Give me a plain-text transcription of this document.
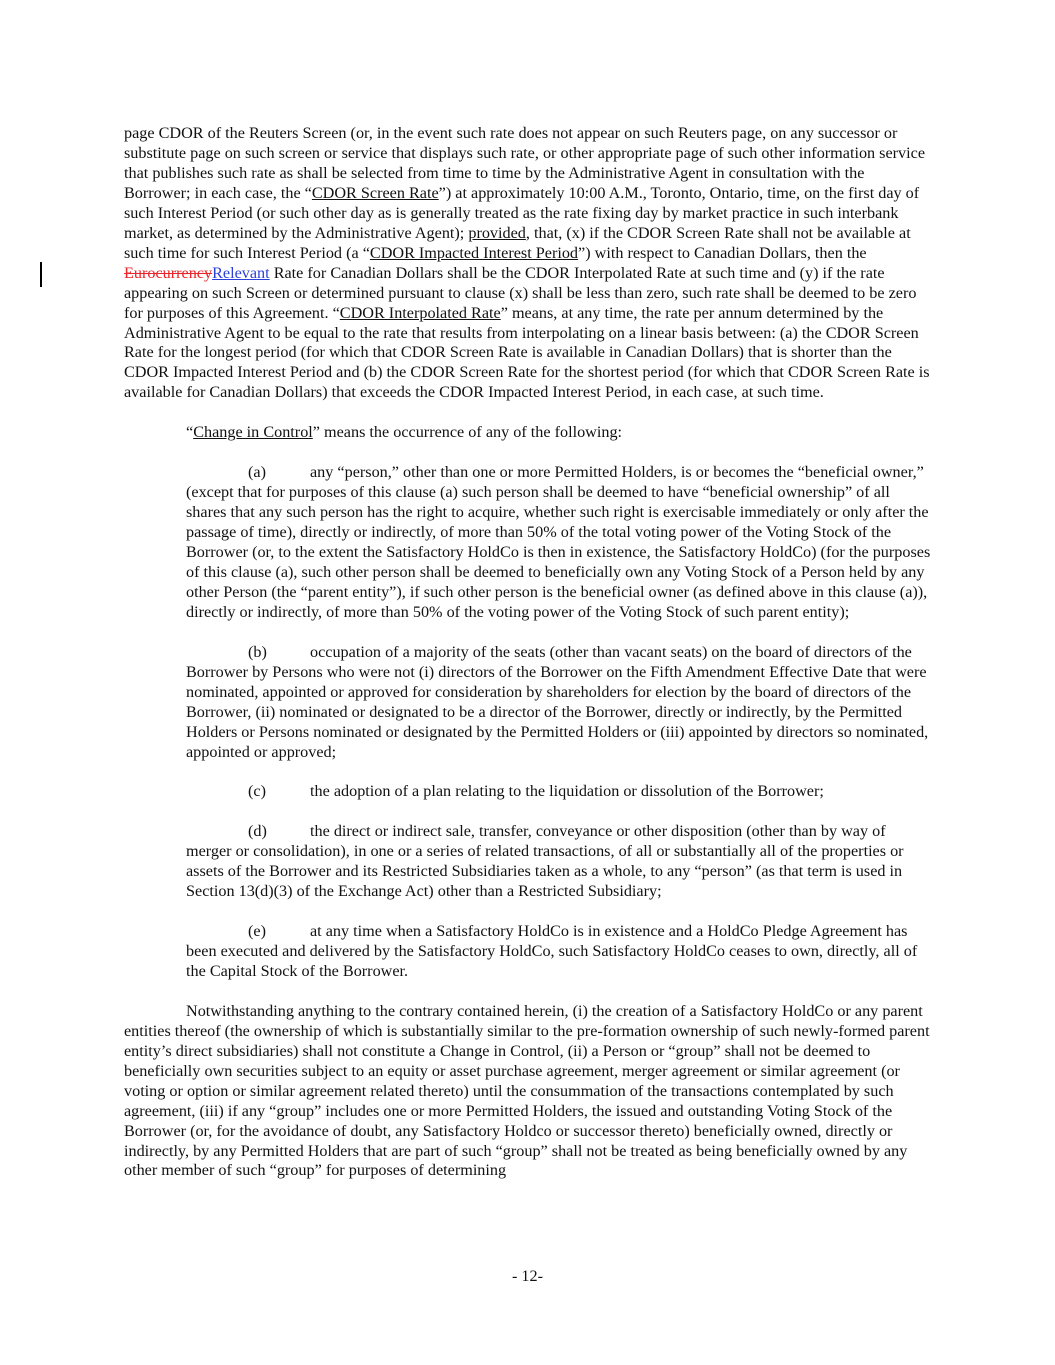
page CDOR of the Reuters Screen (or, in the event such rate does not appear on such Reuters page, on any successor or substitute page on such screen or service that displays such rate, or other appropriate page of such other information service that publishes such rate as shall be selected from time to time by the Administrative Agent in consultation with the Borrower; in each case, the “CDOR Screen Rate”) at approximately 10:00 A.M., Toronto, Ontario, time, on the first day of such Interest Period (or such other day as is generally treated as the rate fixing day by market practice in such interbank market, as determined by the Administrative Agent); provided, that, (x) if the CDOR Screen Rate shall not be available at such time for such Interest Period (a “CDOR Impacted Interest Period”) with respect to Canadian Dollars, then the EurocurrencyRelevant Rate for Canadian Dollars shall be the CDOR Interpolated Rate at such time and (y) if the rate appearing on such Screen or determined pursuant to clause (x) shall be less than zero, such rate shall be deemed to be zero for purposes of this Agreement. “CDOR Interpolated Rate” means, at any time, the rate per annum determined by the Administrative Agent to be equal to the rate that results from interpolating on a linear basis between: (a) the CDOR Screen Rate for the longest period (for which that CDOR Screen Rate is available in Canadian Dollars) that is shorter than the CDOR Impacted Interest Period and (b) the CDOR Screen Rate for the shortest period (for which that CDOR Screen Rate is available for Canadian Dollars) that exceeds the CDOR Impacted Interest Period, in each case, at such time.

“Change in Control” means the occurrence of any of the following:

(a)	any “person,” other than one or more Permitted Holders, is or becomes the “beneficial owner,” (except that for purposes of this clause (a) such person shall be deemed to have “beneficial ownership” of all shares that any such person has the right to acquire, whether such right is exercisable immediately or only after the passage of time), directly or indirectly, of more than 50% of the total voting power of the Voting Stock of the Borrower (or, to the extent the Satisfactory HoldCo is then in existence, the Satisfactory HoldCo) (for the purposes of this clause (a), such other person shall be deemed to beneficially own any Voting Stock of a Person held by any other Person (the “parent entity”), if such other person is the beneficial owner (as defined above in this clause (a)), directly or indirectly, of more than 50% of the voting power of the Voting Stock of such parent entity);

(b)	occupation of a majority of the seats (other than vacant seats) on the board of directors of the Borrower by Persons who were not (i) directors of the Borrower on the Fifth Amendment Effective Date that were nominated, appointed or approved for consideration by shareholders for election by the board of directors of the Borrower, (ii) nominated or designated to be a director of the Borrower, directly or indirectly, by the Permitted Holders or Persons nominated or designated by the Permitted Holders or (iii) appointed by directors so nominated, appointed or approved;

(c)	the adoption of a plan relating to the liquidation or dissolution of the Borrower;

(d)	the direct or indirect sale, transfer, conveyance or other disposition (other than by way of merger or consolidation), in one or a series of related transactions, of all or substantially all of the properties or assets of the Borrower and its Restricted Subsidiaries taken as a whole, to any “person” (as that term is used in Section 13(d)(3) of the Exchange Act) other than a Restricted Subsidiary;

(e)	at any time when a Satisfactory HoldCo is in existence and a HoldCo Pledge Agreement has been executed and delivered by the Satisfactory HoldCo, such Satisfactory HoldCo ceases to own, directly, all of the Capital Stock of the Borrower.

Notwithstanding anything to the contrary contained herein, (i) the creation of a Satisfactory HoldCo or any parent entities thereof (the ownership of which is substantially similar to the pre-formation ownership of such newly-formed parent entity’s direct subsidiaries) shall not constitute a Change in Control, (ii) a Person or “group” shall not be deemed to beneficially own securities subject to an equity or asset purchase agreement, merger agreement or similar agreement (or voting or option or similar agreement related thereto) until the consummation of the transactions contemplated by such agreement, (iii) if any “group” includes one or more Permitted Holders, the issued and outstanding Voting Stock of the Borrower (or, for the avoidance of doubt, any Satisfactory Holdco or successor thereto) beneficially owned, directly or indirectly, by any Permitted Holders that are part of such “group” shall not be treated as being beneficially owned by any other member of such “group” for purposes of determining

- 12-
